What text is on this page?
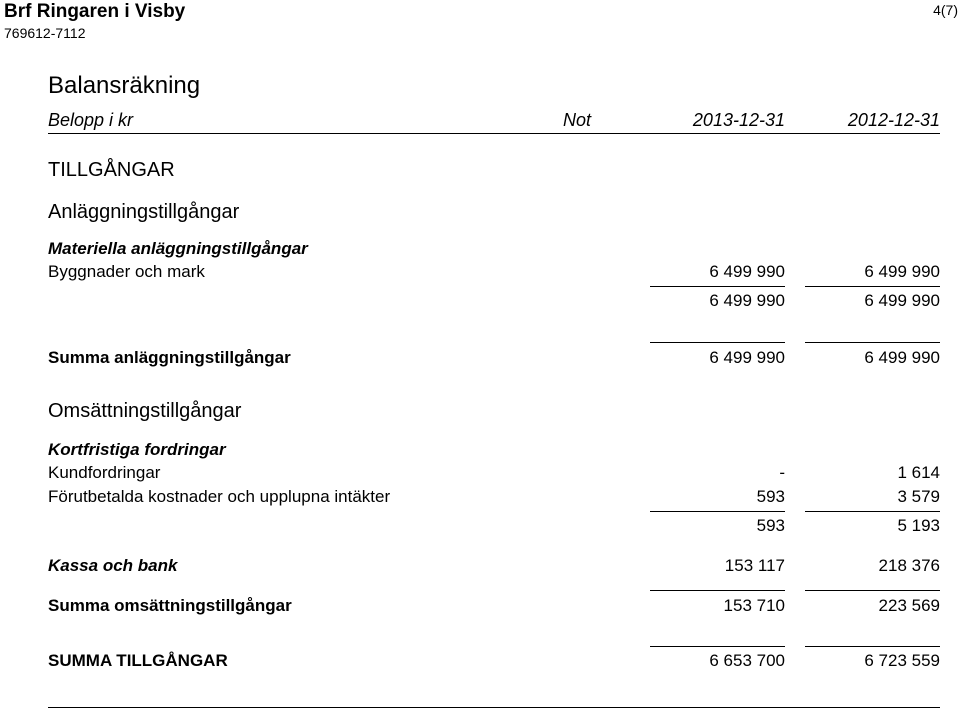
Brf Ringaren i Visby
769612-7112
4(7)
Balansräkning
Belopp i kr	Not	2013-12-31	2012-12-31
TILLGÅNGAR
Anläggningstillgångar
Materiella anläggningstillgångar
Byggnader och mark	6 499 990	6 499 990
6 499 990	6 499 990
Summa anläggningstillgångar	6 499 990	6 499 990
Omsättningstillgångar
Kortfristiga fordringar
Kundfordringar	-	1 614
Förutbetalda kostnader och upplupna intäkter	593	3 579
593	5 193
Kassa och bank	153 117	218 376
Summa omsättningstillgångar	153 710	223 569
SUMMA TILLGÅNGAR	6 653 700	6 723 559
